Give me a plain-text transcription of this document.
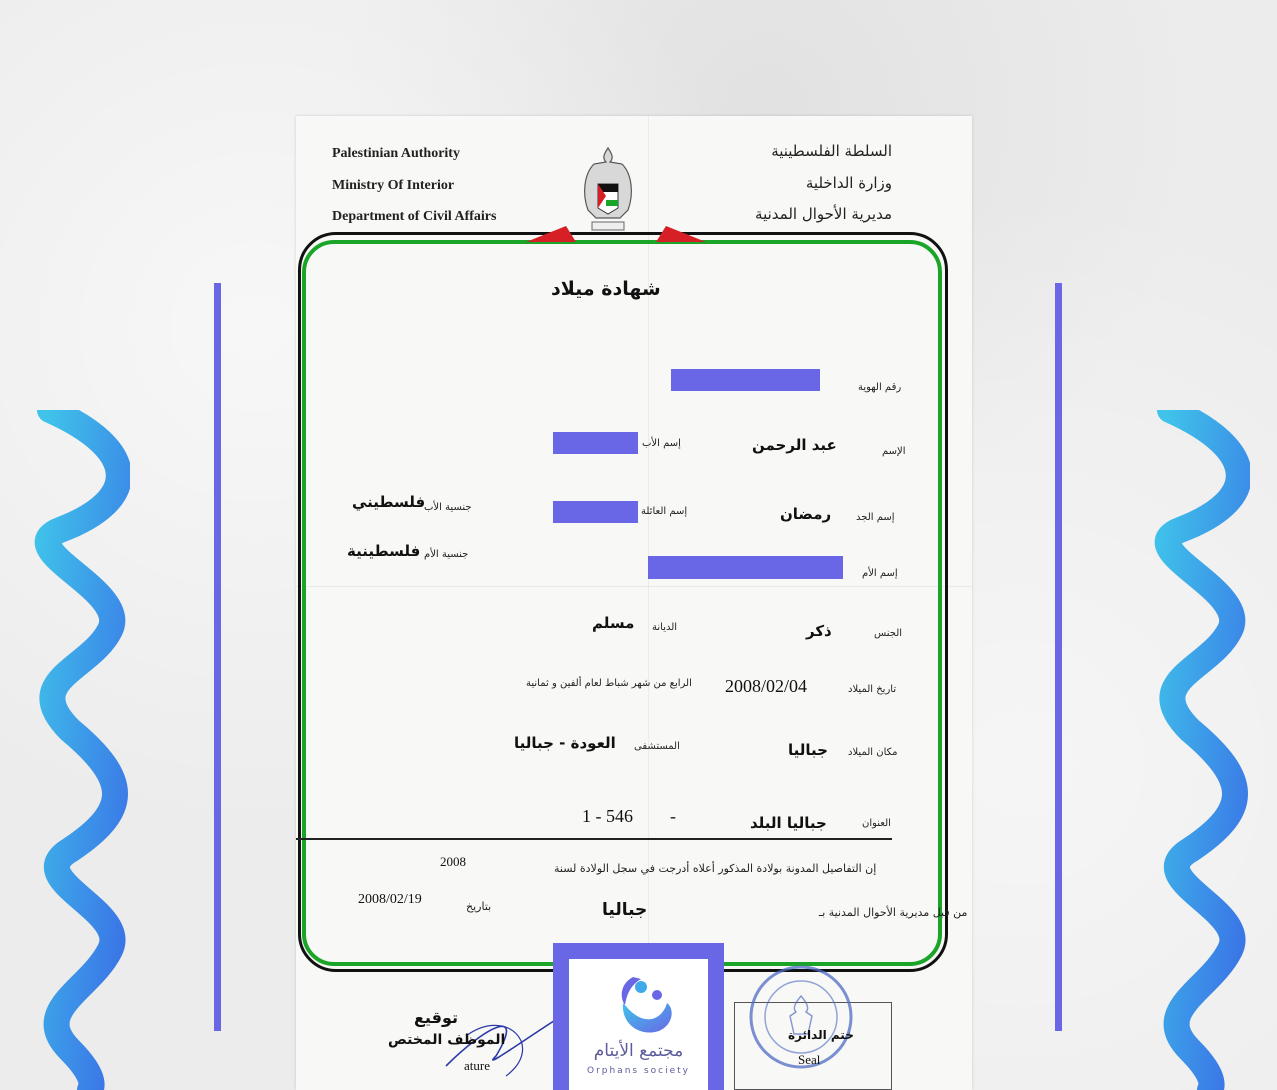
Palestinian Authority
Ministry Of Interior
Department of Civil Affairs
السلطة الفلسطينية
وزارة الداخلية
مديرية الأحوال المدنية
شهادة ميلاد
رقم الهوية
الإسم
عبد الرحمن
إسم الأب
إسم الجد
رمضان
إسم العائلة
جنسية الأب
فلسطيني
جنسية الأم
فلسطينية
إسم الأم
الجنس
ذكر
الديانة
مسلم
تاريخ الميلاد
2008/02/04
الرابع من شهر شباط لعام ألفين و ثمانية
مكان الميلاد
جباليا
المستشفى
العودة - جباليا
العنوان
جباليا البلد
-
1 - 546
2008	إن التفاصيل المدونة بولادة المذكور أعلاه أدرجت في سجل الولادة لسنة
من قبل مديرية الأحوال المدنية بـ
جباليا
بتاريخ
2008/02/19
توقيع
الموظف المختص
ature
ختم الدائرة
Seal
مجتمع الأيتام
Orphans society
